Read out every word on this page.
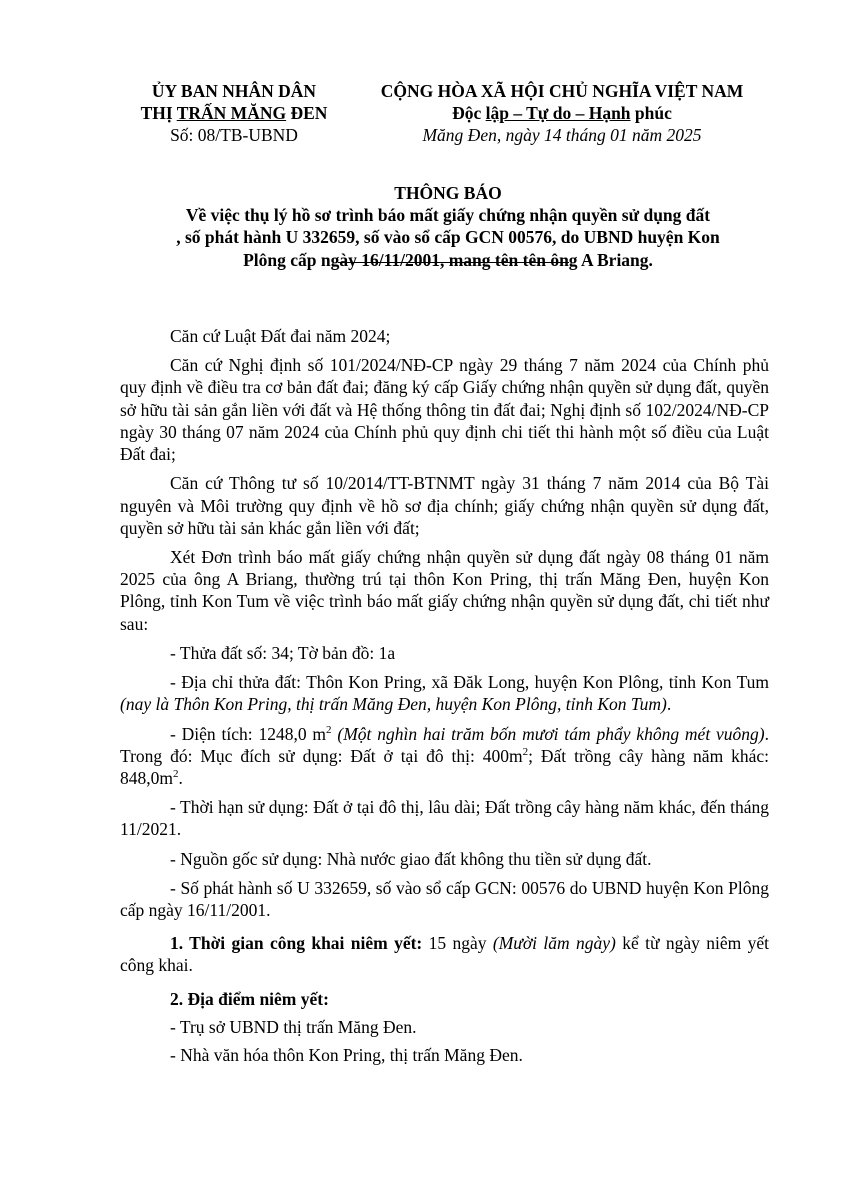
ỦY BAN NHÂN DÂN
THỊ TRẤN MĂNG ĐEN
Số: 08/TB-UBND
CỘNG HÒA XÃ HỘI CHỦ NGHĨA VIỆT NAM
Độc lập – Tự do – Hạnh phúc
Măng Đen, ngày 14 tháng 01 năm 2025
THÔNG BÁO
Về việc thụ lý hồ sơ trình báo mất giấy chứng nhận quyền sử dụng đất
, số phát hành U 332659, số vào sổ cấp GCN 00576, do UBND huyện Kon
Plông cấp ngày 16/11/2001, mang tên tên ông A Briang.

Căn cứ Luật Đất đai năm 2024;

Căn cứ Nghị định số 101/2024/NĐ-CP ngày 29 tháng 7 năm 2024 của Chính phủ quy định về điều tra cơ bản đất đai; đăng ký cấp Giấy chứng nhận quyền sử dụng đất, quyền sở hữu tài sản gắn liền với đất và Hệ thống thông tin đất đai; Nghị định số 102/2024/NĐ-CP ngày 30 tháng 07 năm 2024 của Chính phủ quy định chi tiết thi hành một số điều của Luật Đất đai;

Căn cứ Thông tư số 10/2014/TT-BTNMT ngày 31 tháng 7 năm 2014 của Bộ Tài nguyên và Môi trường quy định về hồ sơ địa chính; giấy chứng nhận quyền sử dụng đất, quyền sở hữu tài sản khác gắn liền với đất;

Xét Đơn trình báo mất giấy chứng nhận quyền sử dụng đất ngày 08 tháng 01 năm 2025 của ông A Briang, thường trú tại thôn Kon Pring, thị trấn Măng Đen, huyện Kon Plông, tỉnh Kon Tum về việc trình báo mất giấy chứng nhận quyền sử dụng đất, chi tiết như sau:

- Thửa đất số: 34; Tờ bản đồ: 1a

- Địa chỉ thửa đất: Thôn Kon Pring, xã Đăk Long, huyện Kon Plông, tỉnh Kon Tum (nay là Thôn Kon Pring, thị trấn Măng Đen, huyện Kon Plông, tỉnh Kon Tum).

- Diện tích: 1248,0 $m^2$ (Một nghìn hai trăm bốn mươi tám phẩy không mét vuông). Trong đó: Mục đích sử dụng: Đất ở tại đô thị: $400m^2$; Đất trồng cây hàng năm khác: $848,0m^2$.

- Thời hạn sử dụng: Đất ở tại đô thị, lâu dài; Đất trồng cây hàng năm khác, đến tháng 11/2021.

- Nguồn gốc sử dụng: Nhà nước giao đất không thu tiền sử dụng đất.

- Số phát hành số U 332659, số vào sổ cấp GCN: 00576 do UBND huyện Kon Plông cấp ngày 16/11/2001.

1. Thời gian công khai niêm yết: 15 ngày (Mười lăm ngày) kể từ ngày niêm yết công khai.

2. Địa điểm niêm yết:

- Trụ sở UBND thị trấn Măng Đen.

- Nhà văn hóa thôn Kon Pring, thị trấn Măng Đen.
